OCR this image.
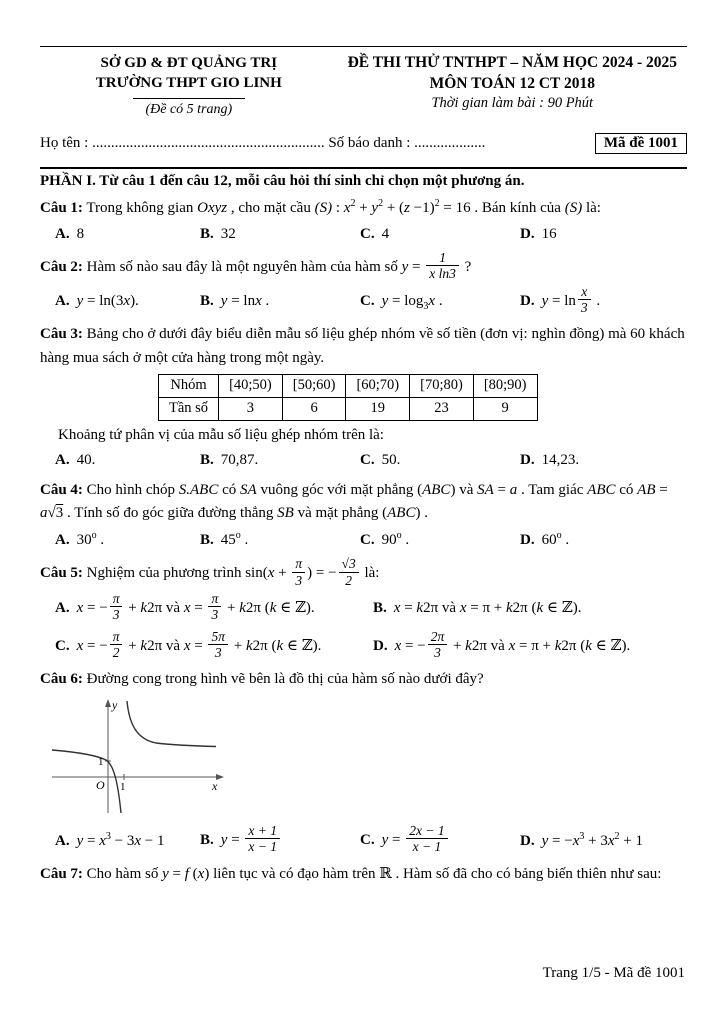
SỞ GD & ĐT QUẢNG TRỊ
TRƯỜNG THPT GIO LINH
(Đề có 5 trang)
ĐỀ THI THỬ TNTHPT – NĂM HỌC 2024 - 2025
MÔN TOÁN 12 CT 2018
Thời gian làm bài : 90 Phút
Họ tên : .............................................................. Số báo danh : ...................	Mã đề 1001
PHẦN I. Từ câu 1 đến câu 12, mỗi câu hỏi thí sinh chỉ chọn một phương án.

Câu 1: Trong không gian Oxyz , cho mặt cầu (S) : $x^2 + y^2 + (z -1)^2 = 16$ . Bán kính của (S) là:

A. 8	B. 32	C. 4	D. 16

Câu 2: Hàm số nào sau đây là một nguyên hàm của hàm số $y = \frac{1}{\text{x ln3}}$ ?

A. y = ln(3x).	B. y = lnx .	C. $y = \log_3x$ .	D. $y = \ln \frac{x}{3}$ .

Câu 3: Bảng cho ở dưới đây biểu diễn mẫu số liệu ghép nhóm về số tiền (đơn vị: nghìn đồng) mà 60 khách hàng mua sách ở một cửa hàng trong một ngày.

Nhóm	[40;50)	[50;60)	[60;70)	[70;80)	[80;90)
Tần số	3	6	19	23	9

Khoảng tứ phân vị của mẫu số liệu ghép nhóm trên là:

A. 40.	B. 70,87.	C. 50.	D. 14,23.

Câu 4: Cho hình chóp S.ABC có SA vuông góc với mặt phẳng (ABC) và SA = a . Tam giác ABC có AB = a√3 . Tính số đo góc giữa đường thẳng SB và mặt phẳng (ABC) .

A. 30$^o$ .	B. 45$^o$ .	C. 90$^o$ .	D. 60$^o$ .

Câu 5: Nghiệm của phương trình $\sin(x + \frac{\pi}{3}$ ) = − $\frac{√3}{2}$ là:

A. x = − $\frac{\pi}{3} + k2\pi$ và $x = \frac{\pi}{3} + k2\pi$ (k ∈ ℤ).	B. x = k2π và x = π + k2π (k ∈ ℤ).
C. x = − $\frac{\pi}{2} + k2\pi$ và $x = \frac{5\pi}{3} + k2\pi$ (k ∈ ℤ).	D. x = − $\frac{2\pi}{3} + k2\pi$ và x = π + k2π (k ∈ ℤ).

Câu 6: Đường cong trong hình vẽ bên là đồ thị của hàm số nào dưới đây?

y
x
O
1
1
A. $y = x^3 - 3x - 1$	B. $y = \frac{x + 1}{x - 1}$	C. $y = \frac{2x - 1}{x - 1}$	D. $y = -x^3 + 3x^2 + 1$

Câu 7: Cho hàm số y = f (x) liên tục và có đạo hàm trên ℝ . Hàm số đã cho có bảng biến thiên như sau:

Trang 1/5 - Mã đề 1001
